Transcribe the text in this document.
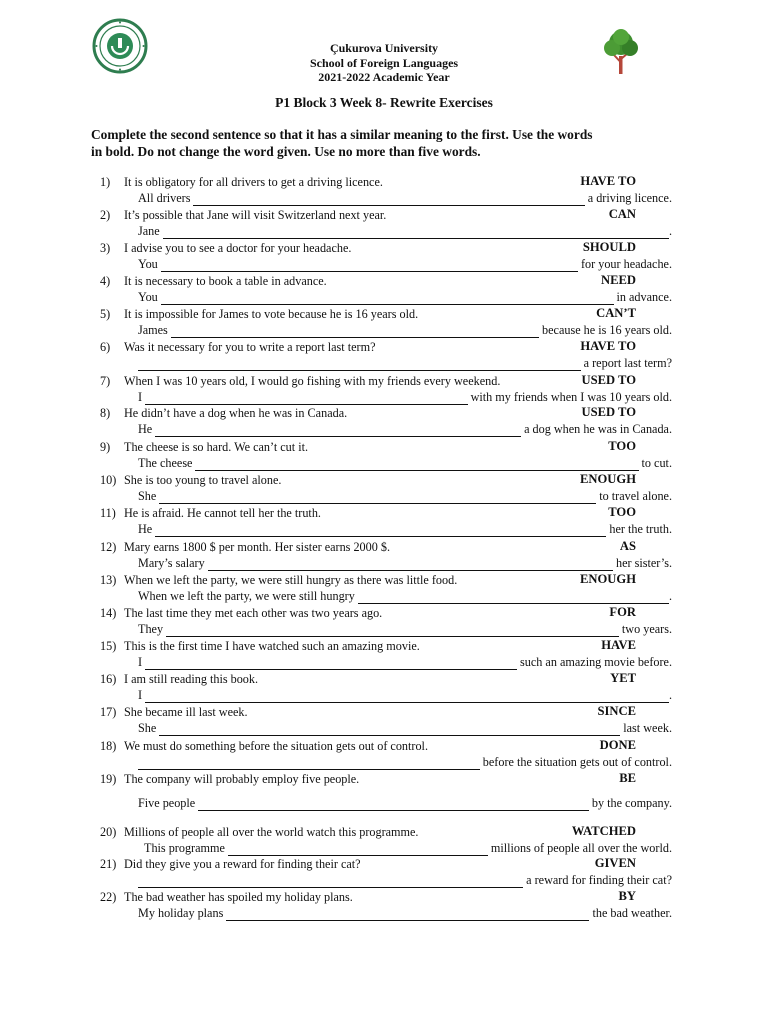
Çukurova University
School of Foreign Languages
2021-2022 Academic Year
P1 Block 3 Week 8- Rewrite Exercises
Complete the second sentence so that it has a similar meaning to the first. Use the words
in bold. Do not change the word given. Use no more than five words.
1) It is obligatory for all drivers to get a driving licence.	HAVE TO
All drivers	a driving licence.
2) It’s possible that Jane will visit Switzerland next year.	CAN
Jane	.
3) I advise you to see a doctor for your headache.	SHOULD
You	for your headache.
4) It is necessary to book a table in advance.	NEED
You	in advance.
5) It is impossible for James to vote because he is 16 years old.	CAN’T
James	because he is 16 years old.
6) Was it necessary for you to write a report last term?	HAVE TO
a report last term?
7) When I was 10 years old, I would go fishing with my friends every weekend.	USED TO
I	with my friends when I was 10 years old.
8) He didn’t have a dog when he was in Canada.	USED TO
He	a dog when he was in Canada.
9) The cheese is so hard. We can’t cut it.	TOO
The cheese	to cut.
10) She is too young to travel alone.	ENOUGH
She	to travel alone.
11) He is afraid. He cannot tell her the truth.	TOO
He	her the truth.
12) Mary earns 1800 $ per month. Her sister earns 2000 $.	AS
Mary’s salary	her sister’s.
13) When we left the party, we were still hungry as there was little food.	ENOUGH
When we left the party, we were still hungry	.
14) The last time they met each other was two years ago.	FOR
They	two years.
15) This is the first time I have watched such an amazing movie.	HAVE
I	such an amazing movie before.
16) I am still reading this book.	YET
I	.
17) She became ill last week.	SINCE
She	last week.
18) We must do something before the situation gets out of control.	DONE
before the situation gets out of control.
19) The company will probably employ five people.	BE
Five people	by the company.
20) Millions of people all over the world watch this programme.	WATCHED
This programme	millions of people all over the world.
21) Did they give you a reward for finding their cat?	GIVEN
a reward for finding their cat?
22) The bad weather has spoiled my holiday plans.	BY
My holiday plans	the bad weather.
